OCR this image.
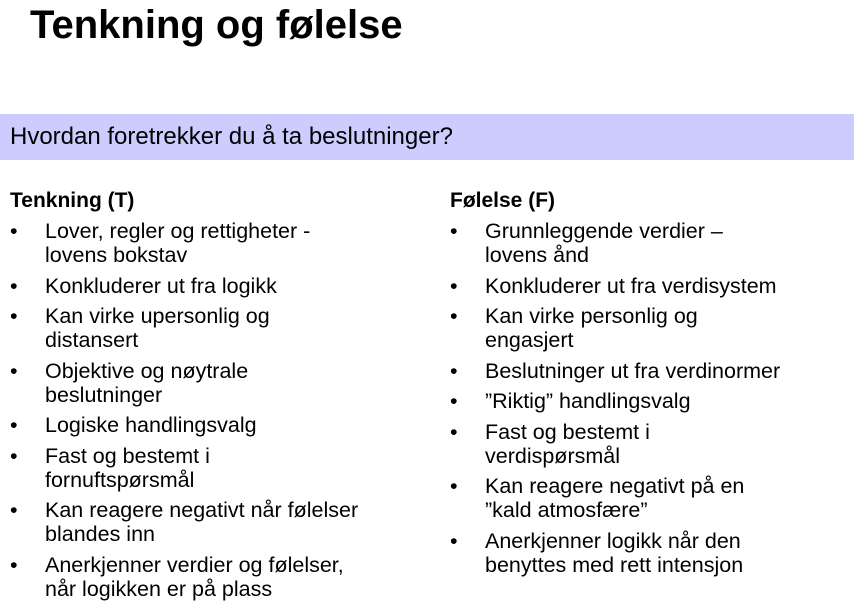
Tenkning og følelse
Hvordan foretrekker du å ta beslutninger?
Tenkning (T)
•	Lover, regler og rettigheter -
lovens bokstav
•	Konkluderer ut fra logikk
•	Kan virke upersonlig og
distansert
•	Objektive og nøytrale
beslutninger
•	Logiske handlingsvalg
•	Fast og bestemt i
fornuftspørsmål
•	Kan reagere negativt når følelser
blandes inn
•	Anerkjenner verdier og følelser,
når logikken er på plass
Følelse (F)
•	Grunnleggende verdier –
lovens ånd
•	Konkluderer ut fra verdisystem
•	Kan virke personlig og
engasjert
•	Beslutninger ut fra verdinormer
•	”Riktig” handlingsvalg
•	Fast og bestemt i
verdispørsmål
•	Kan reagere negativt på en
”kald atmosfære”
•	Anerkjenner logikk når den
benyttes med rett intensjon
